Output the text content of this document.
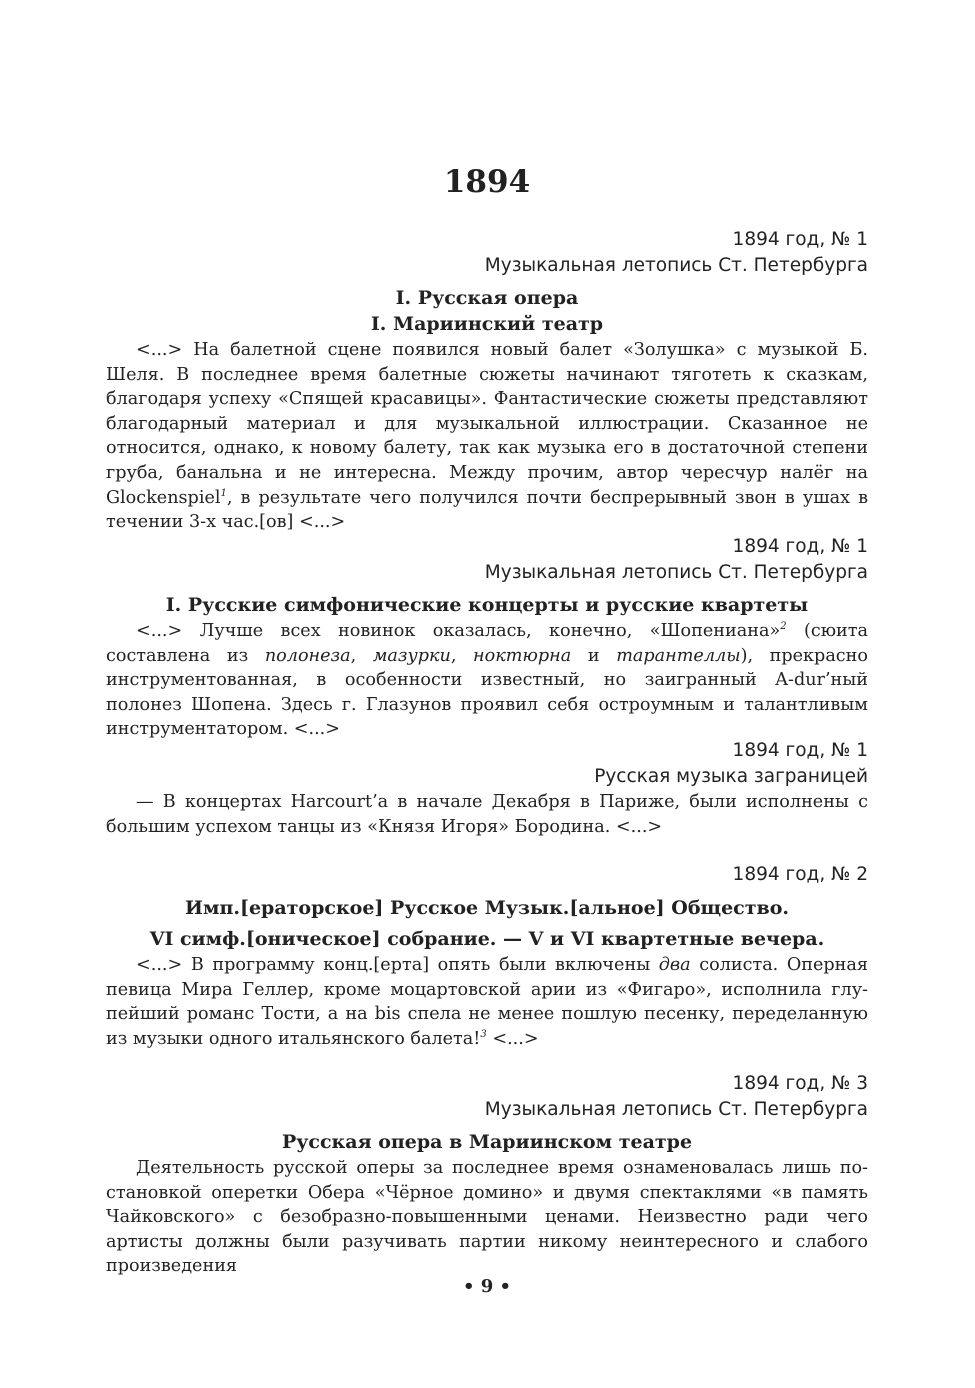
1894
1894 год, № 1
Музыкальная летопись Ст. Петербурга
I. Русская опера
I. Мариинский театр

<...> На балетной сцене появился новый балет «Золушка» с музыкой Б. Шеля. В последнее время балетные сюжеты начинают тяготеть к сказкам, благодаря успеху «Спящей красавицы». Фантастические сюжеты представляют благодарный материал и для музыкальной иллюстрации. Сказанное не относится, однако, к новому балету, так как музыка его в достаточной степени груба, банальна и не интересна. Между прочим, автор чересчур налёг на Glockenspiel$^1$, в результате чего получился почти беспрерывный звон в ушах в течении 3-х час.[ов] <...>

1894 год, № 1
Музыкальная летопись Ст. Петербурга
I. Русские симфонические концерты и русские квартеты

<...> Лучше всех новинок оказалась, конечно, «Шопениана»$^2$ (сюита составлена из полонеза, мазурки, ноктюрна и тарантеллы), прекрасно инструментованная, в особенности известный, но заигранный A-dur’ный полонез Шопена. Здесь г. Глазунов проявил себя остроумным и талантливым инструментатором. <...>

1894 год, № 1
Русская музыка заграницей

— В концертах Harcourt’a в начале Декабря в Париже, были исполнены с большим успехом танцы из «Князя Игоря» Бородина. <...>

1894 год, № 2
Имп.[ераторское] Русское Музык.[альное] Общество.
VI симф.[оническое] собрание. — V и VI квартетные вечера.

<...> В программу конц.[ерта] опять были включены два солиста. Оперная певица Мира Геллер, кроме моцартовской арии из «Фигаро», исполнила глупейший романс Тости, а на bis спела не менее пошлую песенку, переделанную из музыки одного итальянского балета!$^3$ <...>

1894 год, № 3
Музыкальная летопись Ст. Петербурга
Русская опера в Мариинском театре

Деятельность русской оперы за последнее время ознаменовалась лишь постановкой оперетки Обера «Чёрное домино» и двумя спектаклями «в память Чайковского» с безобразно-повышенными ценами. Неизвестно ради чего артисты должны были разучивать партии никому неинтересного и слабого произведения

• 9 •
